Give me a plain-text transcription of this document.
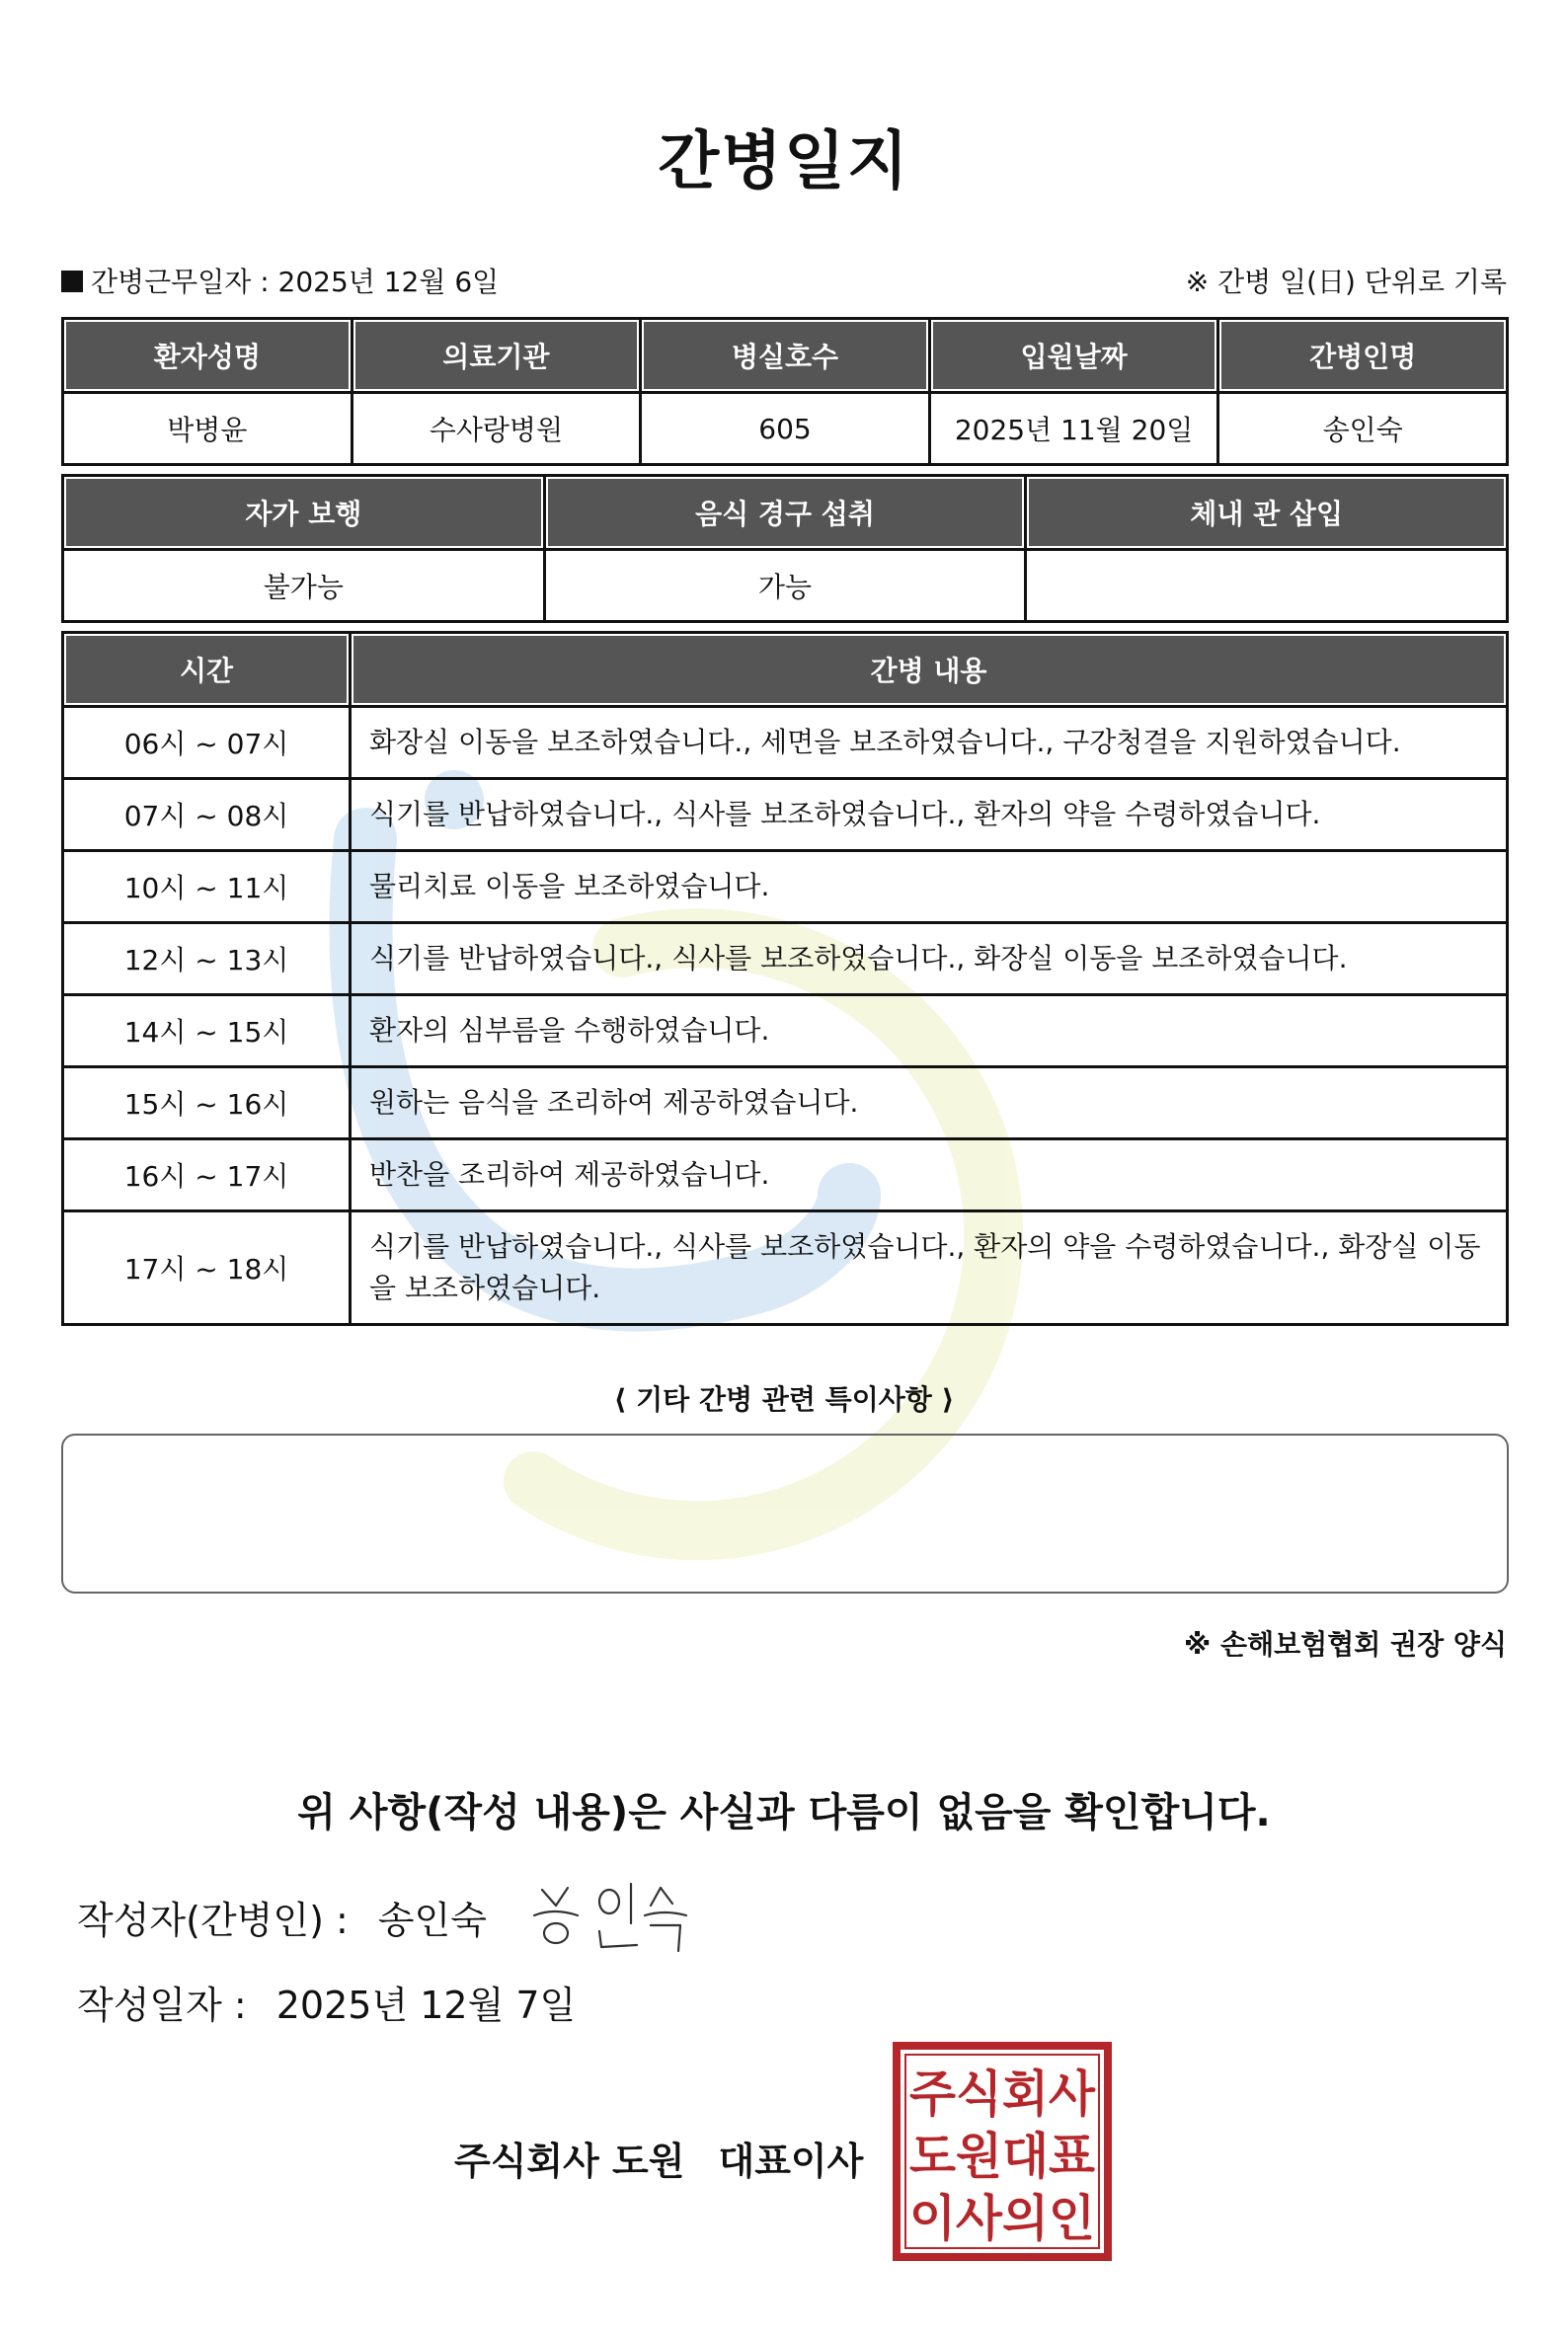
간병일지
간병근무일자 : 2025년 12월 6일	※ 간병 일(日) 단위로 기록
환자성명	의료기관	병실호수	입원날짜	간병인명
박병윤	수사랑병원	605	2025년 11월 20일	송인숙
자가 보행	음식 경구 섭취	체내 관 삽입
불가능	가능	
시간	간병 내용
06시 ~ 07시	화장실 이동을 보조하였습니다., 세면을 보조하였습니다., 구강청결을 지원하였습니다.
07시 ~ 08시	식기를 반납하였습니다., 식사를 보조하였습니다., 환자의 약을 수령하였습니다.
10시 ~ 11시	물리치료 이동을 보조하였습니다.
12시 ~ 13시	식기를 반납하였습니다., 식사를 보조하였습니다., 화장실 이동을 보조하였습니다.
14시 ~ 15시	환자의 심부름을 수행하였습니다.
15시 ~ 16시	원하는 음식을 조리하여 제공하였습니다.
16시 ~ 17시	반찬을 조리하여 제공하였습니다.
17시 ~ 18시	식기를 반납하였습니다., 식사를 보조하였습니다., 환자의 약을 수령하였습니다., 화장실 이동을 보조하였습니다.
⟨ 기타 간병 관련 특이사항 ⟩
※ 손해보험협회 권장 양식
위 사항(작성 내용)은 사실과 다름이 없음을 확인합니다.
작성자(간병인) : 송인숙
작성일자 : 2025년 12월 7일
주식회사 도원 대표이사
주식회사
도원대표
이사의인
